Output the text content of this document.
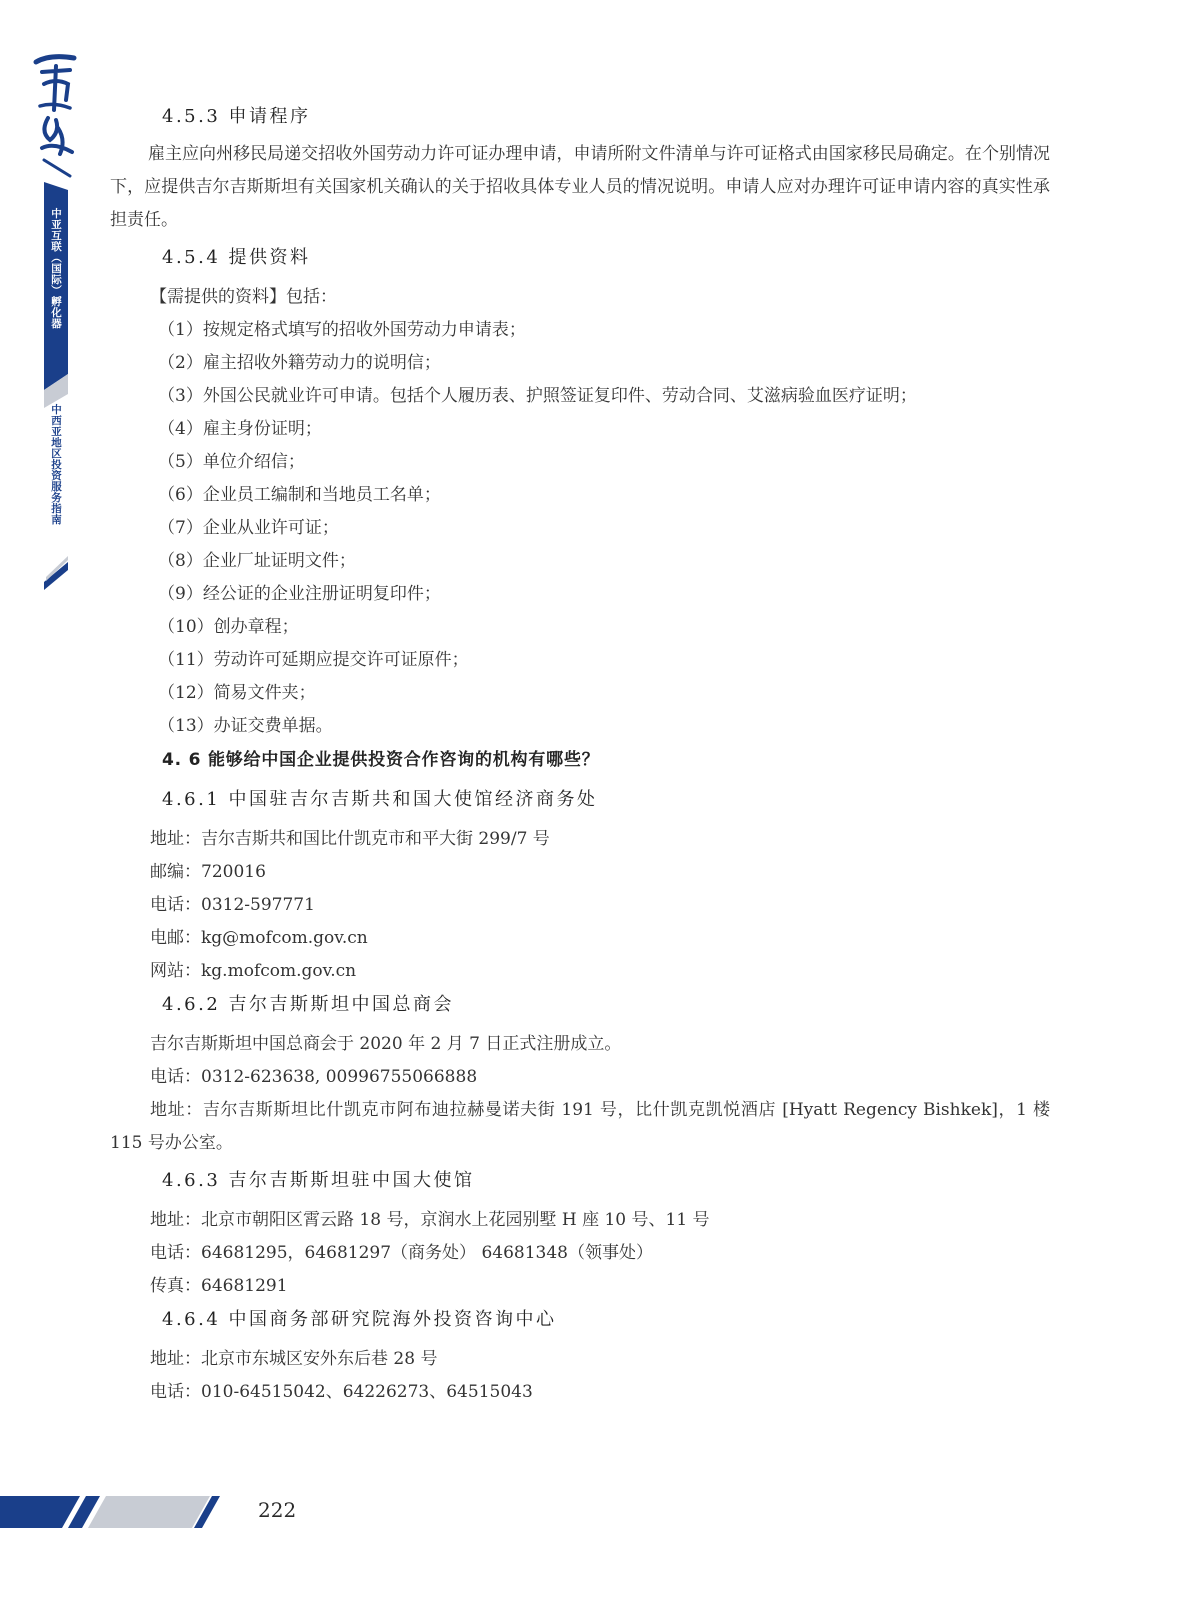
中亚互联（国际）孵化器
中西亚地区投资服务指南
4.5.3 申请程序
雇主应向州移民局递交招收外国劳动力许可证办理申请，申请所附文件清单与许可证格式由国家移民局确定。在个别情况下，应提供吉尔吉斯斯坦有关国家机关确认的关于招收具体专业人员的情况说明。申请人应对办理许可证申请内容的真实性承担责任。
4.5.4 提供资料
【需提供的资料】包括：
（1）按规定格式填写的招收外国劳动力申请表；
（2）雇主招收外籍劳动力的说明信；
（3）外国公民就业许可申请。包括个人履历表、护照签证复印件、劳动合同、艾滋病验血医疗证明；
（4）雇主身份证明；
（5）单位介绍信；
（6）企业员工编制和当地员工名单；
（7）企业从业许可证；
（8）企业厂址证明文件；
（9）经公证的企业注册证明复印件；
（10）创办章程；
（11）劳动许可延期应提交许可证原件；
（12）简易文件夹；
（13）办证交费单据。
4. 6 能够给中国企业提供投资合作咨询的机构有哪些？
4.6.1 中国驻吉尔吉斯共和国大使馆经济商务处
地址：吉尔吉斯共和国比什凯克市和平大街 299/7 号
邮编：720016
电话：0312-597771
电邮：kg@mofcom.gov.cn
网站：kg.mofcom.gov.cn
4.6.2 吉尔吉斯斯坦中国总商会
吉尔吉斯斯坦中国总商会于 2020 年 2 月 7 日正式注册成立。
电话：0312-623638, 00996755066888
地址：吉尔吉斯斯坦比什凯克市阿布迪拉赫曼诺夫街 191 号，比什凯克凯悦酒店 [Hyatt Regency Bishkek]，1 楼 115 号办公室。
4.6.3 吉尔吉斯斯坦驻中国大使馆
地址：北京市朝阳区霄云路 18 号，京润水上花园别墅 H 座 10 号、11 号
电话：64681295，64681297（商务处） 64681348（领事处）
传真：64681291
4.6.4 中国商务部研究院海外投资咨询中心
地址：北京市东城区安外东后巷 28 号
电话：010-64515042、64226273、64515043
222
